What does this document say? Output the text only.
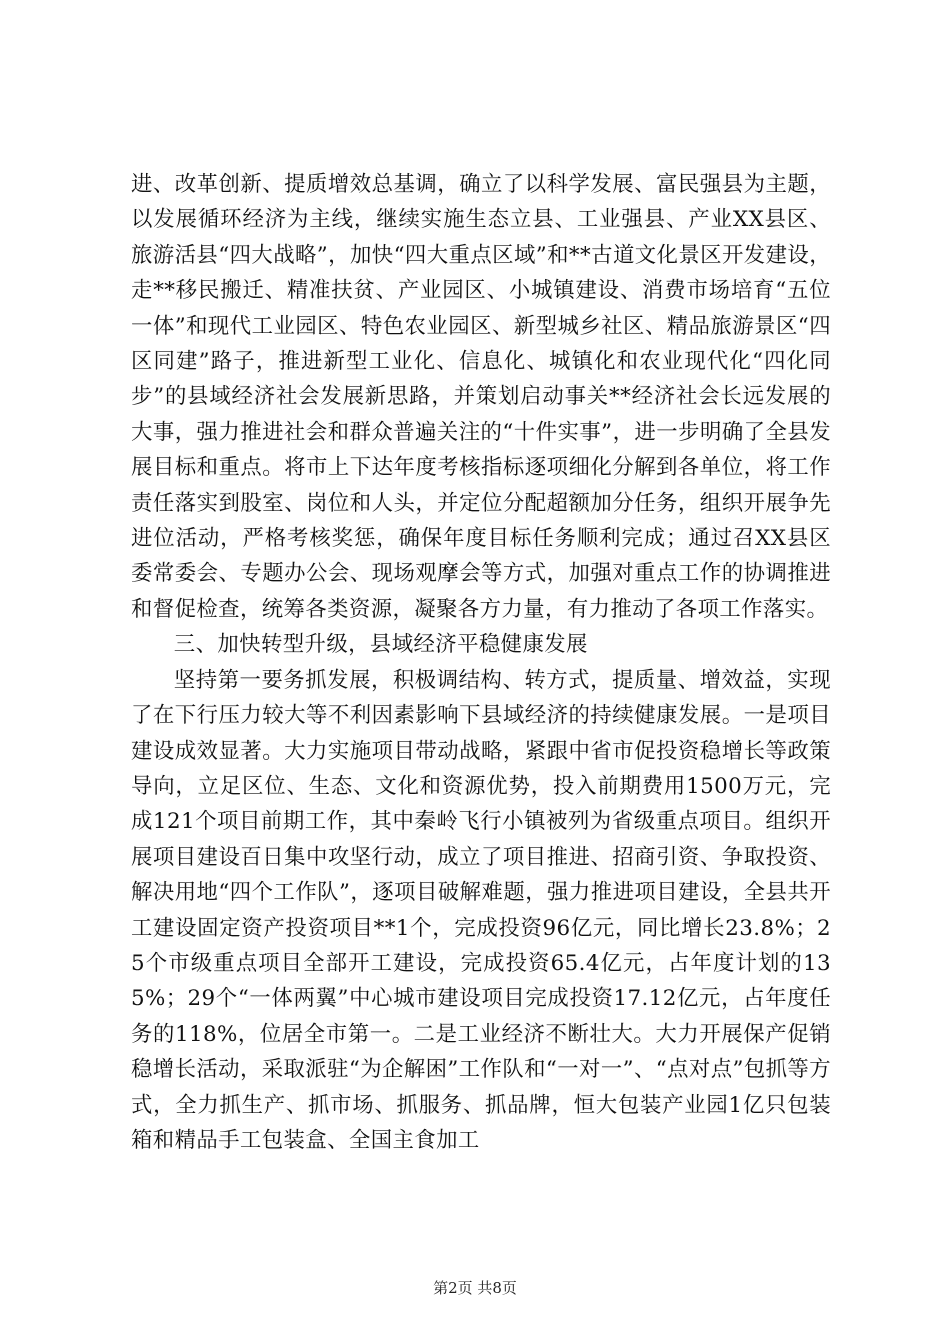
进、改革创新、提质增效总基调，确立了以科学发展、富民强县为主题，以发展循环经济为主线，继续实施生态立县、工业强县、产业XX县区、旅游活县“四大战略”，加快“四大重点区域”和**古道文化景区开发建设，走**移民搬迁、精准扶贫、产业园区、小城镇建设、消费市场培育“五位一体”和现代工业园区、特色农业园区、新型城乡社区、精品旅游景区“四区同建”路子，推进新型工业化、信息化、城镇化和农业现代化“四化同步”的县域经济社会发展新思路，并策划启动事关**经济社会长远发展的大事，强力推进社会和群众普遍关注的“十件实事”，进一步明确了全县发展目标和重点。将市上下达年度考核指标逐项细化分解到各单位，将工作责任落实到股室、岗位和人头，并定位分配超额加分任务，组织开展争先进位活动，严格考核奖惩，确保年度目标任务顺利完成；通过召XX县区委常委会、专题办公会、现场观摩会等方式，加强对重点工作的协调推进和督促检查，统筹各类资源，凝聚各方力量，有力推动了各项工作落实。

三、加快转型升级，县域经济平稳健康发展

坚持第一要务抓发展，积极调结构、转方式，提质量、增效益，实现了在下行压力较大等不利因素影响下县域经济的持续健康发展。一是项目建设成效显著。大力实施项目带动战略，紧跟中省市促投资稳增长等政策导向，立足区位、生态、文化和资源优势，投入前期费用1500万元，完成121个项目前期工作，其中秦岭飞行小镇被列为省级重点项目。组织开展项目建设百日集中攻坚行动，成立了项目推进、招商引资、争取投资、解决用地“四个工作队”，逐项目破解难题，强力推进项目建设，全县共开工建设固定资产投资项目**1个，完成投资96亿元，同比增长23.8%；25个市级重点项目全部开工建设，完成投资65.4亿元，占年度计划的135%；29个“一体两翼”中心城市建设项目完成投资17.12亿元，占年度任务的118%，位居全市第一。二是工业经济不断壮大。大力开展保产促销稳增长活动，采取派驻“为企解困”工作队和“一对一”、“点对点”包抓等方式，全力抓生产、抓市场、抓服务、抓品牌，恒大包装产业园1亿只包装箱和精品手工包装盒、全国主食加工

第2页 共8页
